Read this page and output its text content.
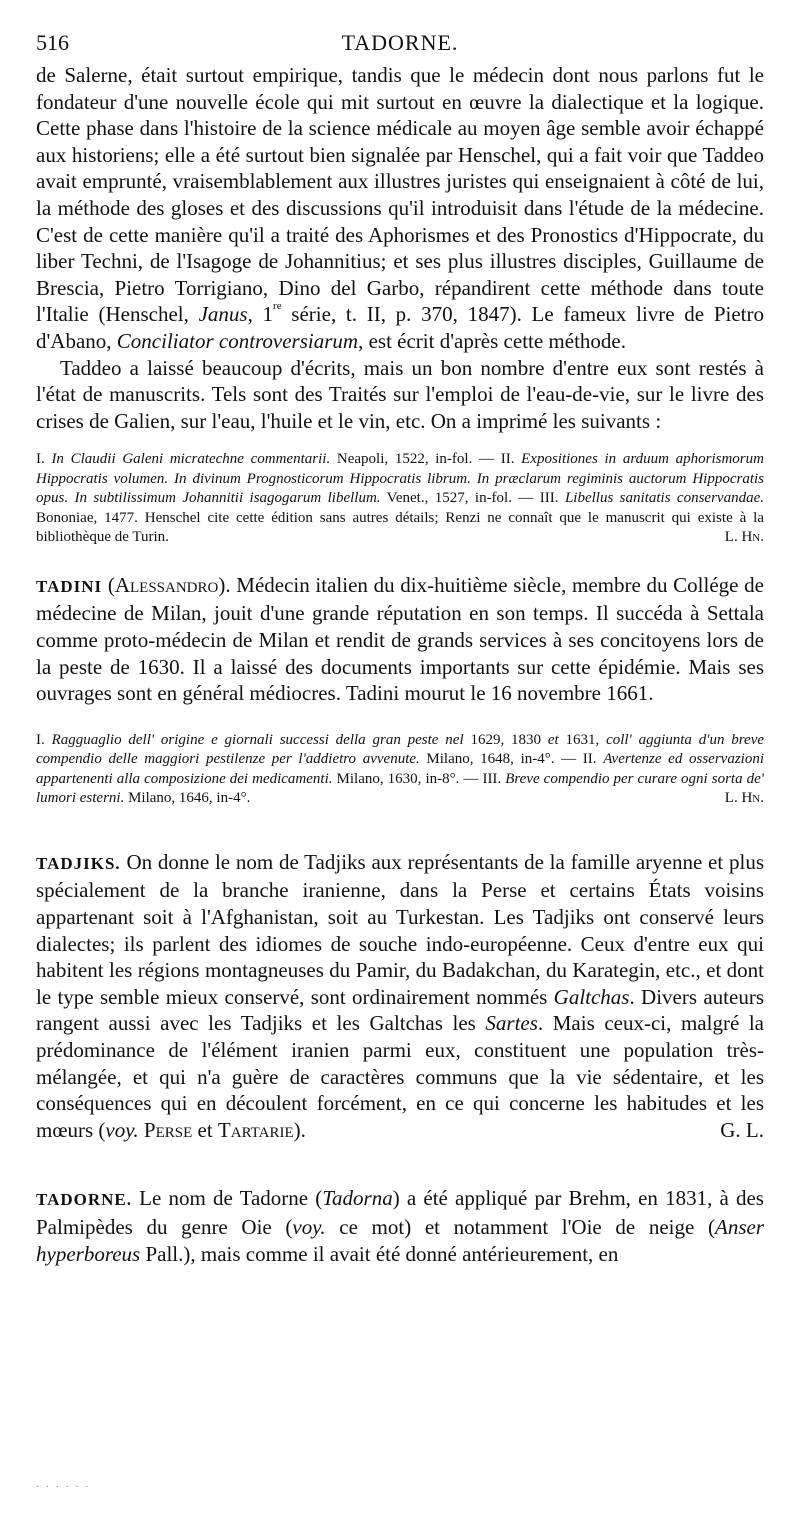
516	TADORNE.

de Salerne, était surtout empirique, tandis que le médecin dont nous parlons fut le fondateur d'une nouvelle école qui mit surtout en œuvre la dialectique et la logique. Cette phase dans l'histoire de la science médicale au moyen âge semble avoir échappé aux historiens; elle a été surtout bien signalée par Henschel, qui a fait voir que Taddeo avait emprunté, vraisemblablement aux illustres juristes qui enseignaient à côté de lui, la méthode des gloses et des discussions qu'il introduisit dans l'étude de la médecine. C'est de cette manière qu'il a traité des Aphorismes et des Pronostics d'Hippocrate, du liber Techni, de l'Isagoge de Johannitius; et ses plus illustres disciples, Guillaume de Brescia, Pietro Torrigiano, Dino del Garbo, répandirent cette méthode dans toute l'Italie (Henschel, Janus, 1re série, t. II, p. 370, 1847). Le fameux livre de Pietro d'Abano, Conciliator controversiarum, est écrit d'après cette méthode.

Taddeo a laissé beaucoup d'écrits, mais un bon nombre d'entre eux sont restés à l'état de manuscrits. Tels sont des Traités sur l'emploi de l'eau-de-vie, sur le livre des crises de Galien, sur l'eau, l'huile et le vin, etc. On a imprimé les suivants :

I. In Claudii Galeni micratechne commentarii. Neapoli, 1522, in-fol. — II. Expositiones in arduum aphorismorum Hippocratis volumen. In divinum Prognosticorum Hippocratis librum. In præclarum regiminis auctorum Hippocratis opus. In subtilissimum Johannitii isagogarum libellum. Venet., 1527, in-fol. — III. Libellus sanitatis conservandae. Bononiae, 1477. Henschel cite cette édition sans autres détails; Renzi ne connaît que le manuscrit qui existe à la bibliothèque de Turin.	L. Hn.

TADINI (Alessandro). Médecin italien du dix-huitième siècle, membre du Collége de médecine de Milan, jouit d'une grande réputation en son temps. Il succéda à Settala comme proto-médecin de Milan et rendit de grands services à ses concitoyens lors de la peste de 1630. Il a laissé des documents importants sur cette épidémie. Mais ses ouvrages sont en général médiocres. Tadini mourut le 16 novembre 1661.

I. Ragguaglio dell' origine e giornali successi della gran peste nel 1629, 1830 et 1631, coll' aggiunta d'un breve compendio delle maggiori pestilenze per l'addietro avvenute. Milano, 1648, in-4°. — II. Avertenze ed osservazioni appartenenti alla composizione dei medicamenti. Milano, 1630, in-8°. — III. Breve compendio per curare ogni sorta de' lumori esterni. Milano, 1646, in-4°.	L. Hn.

TADJIKS. On donne le nom de Tadjiks aux représentants de la famille aryenne et plus spécialement de la branche iranienne, dans la Perse et certains États voisins appartenant soit à l'Afghanistan, soit au Turkestan. Les Tadjiks ont conservé leurs dialectes; ils parlent des idiomes de souche indo-européenne. Ceux d'entre eux qui habitent les régions montagneuses du Pamir, du Badakchan, du Karategin, etc., et dont le type semble mieux conservé, sont ordinairement nommés Galtchas. Divers auteurs rangent aussi avec les Tadjiks et les Galtchas les Sartes. Mais ceux-ci, malgré la prédominance de l'élément iranien parmi eux, constituent une population très-mélangée, et qui n'a guère de caractères communs que la vie sédentaire, et les conséquences qui en découlent forcément, en ce qui concerne les habitudes et les mœurs (voy. Perse et Tartarie).	G. L.

TADORNE. Le nom de Tadorne (Tadorna) a été appliqué par Brehm, en 1831, à des Palmipèdes du genre Oie (voy. ce mot) et notamment l'Oie de neige (Anser hyperboreus Pall.), mais comme il avait été donné antérieurement, en

· · · · · ·
